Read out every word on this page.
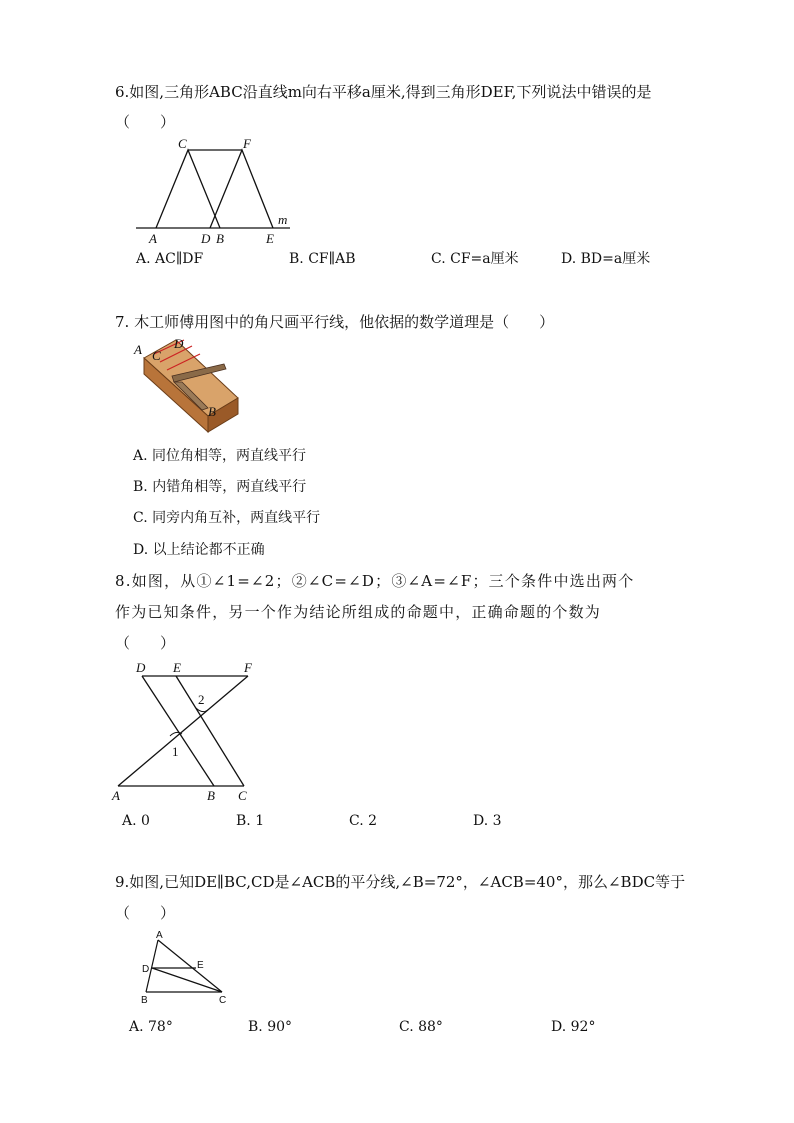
6.如图,三角形ABC沿直线m向右平移a厘米,得到三角形DEF,下列说法中错误的是
（　　）
C	F
A	D B	E
m
A. AC∥DF	B. CF∥AB	C. CF=a厘米	D. BD=a厘米
7. 木工师傅用图中的角尺画平行线，他依据的数学道理是（　　）
A C
D
B
A. 同位角相等，两直线平行
B. 内错角相等，两直线平行
C. 同旁内角互补，两直线平行
D. 以上结论都不正确
8.如图，从①∠1=∠2；②∠C=∠D；③∠A=∠F；三个条件中选出两个
作为已知条件，另一个作为结论所组成的命题中，正确命题的个数为
（　　）
D E	F
A	B C
1
2
A. 0	B. 1	C. 2	D. 3
9.如图,已知DE∥BC,CD是∠ACB的平分线,∠B=72°，∠ACB=40°，那么∠BDC等于
（　　）
A
D	E
B	C
A. 78°	B. 90°	C. 88°	D. 92°
